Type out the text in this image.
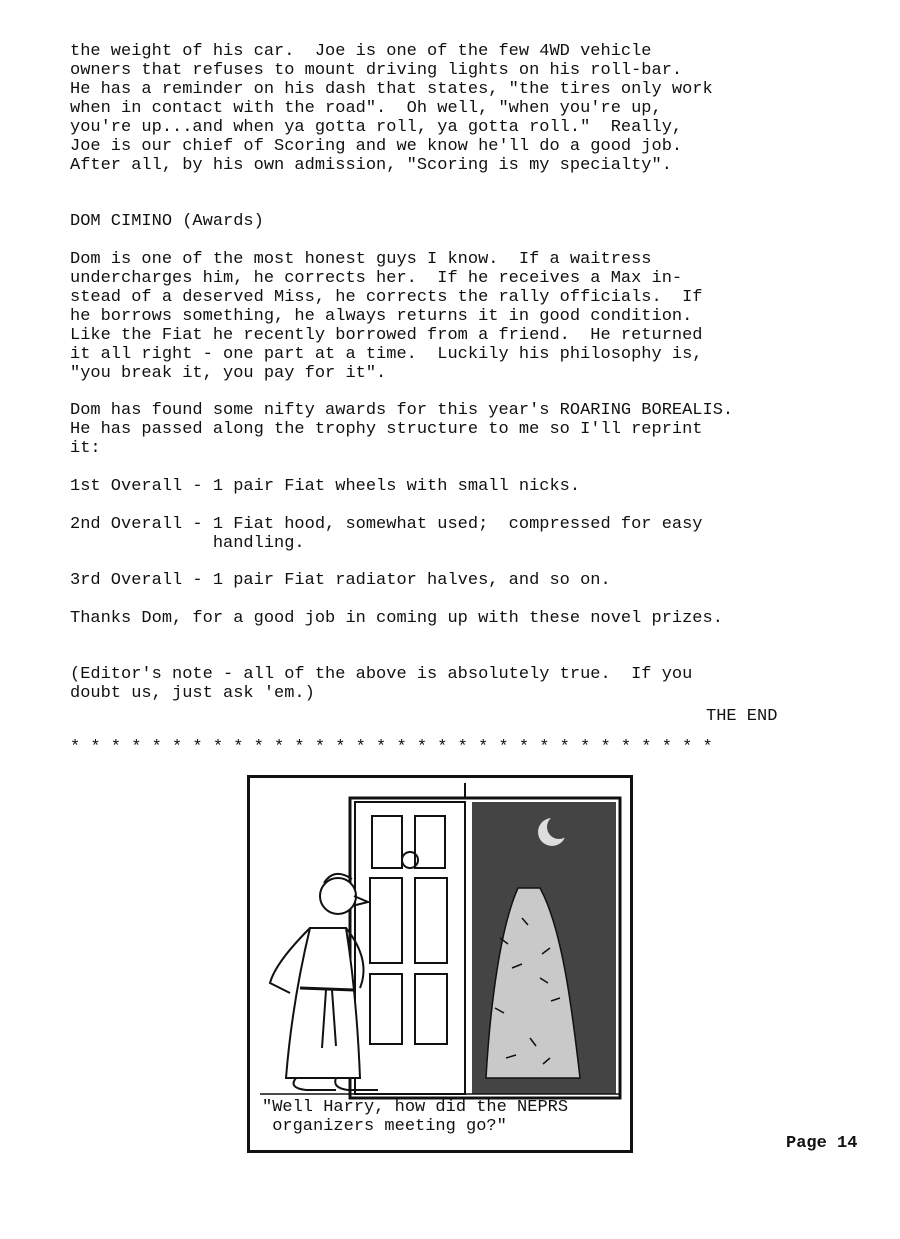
the weight of his car.  Joe is one of the few 4WD vehicle
owners that refuses to mount driving lights on his roll-bar.
He has a reminder on his dash that states, "the tires only work
when in contact with the road".  Oh well, "when you're up,
you're up...and when ya gotta roll, ya gotta roll."  Really,
Joe is our chief of Scoring and we know he'll do a good job.
After all, by his own admission, "Scoring is my specialty".
DOM CIMINO (Awards)
Dom is one of the most honest guys I know.  If a waitress
undercharges him, he corrects her.  If he receives a Max in-
stead of a deserved Miss, he corrects the rally officials.  If
he borrows something, he always returns it in good condition.
Like the Fiat he recently borrowed from a friend.  He returned
it all right - one part at a time.  Luckily his philosophy is,
"you break it, you pay for it".
Dom has found some nifty awards for this year's ROARING BOREALIS.
He has passed along the trophy structure to me so I'll reprint
it:
1st Overall - 1 pair Fiat wheels with small nicks.
2nd Overall - 1 Fiat hood, somewhat used;  compressed for easy
handling.
3rd Overall - 1 pair Fiat radiator halves, and so on.
Thanks Dom, for a good job in coming up with these novel prizes.
(Editor's note - all of the above is absolutely true.  If you
doubt us, just ask 'em.)
THE END
* * * * * * * * * * * * * * * * * * * * * * * * * * * * * * * *
"Well Harry, how did the NEPRS
organizers meeting go?"
Page 14
